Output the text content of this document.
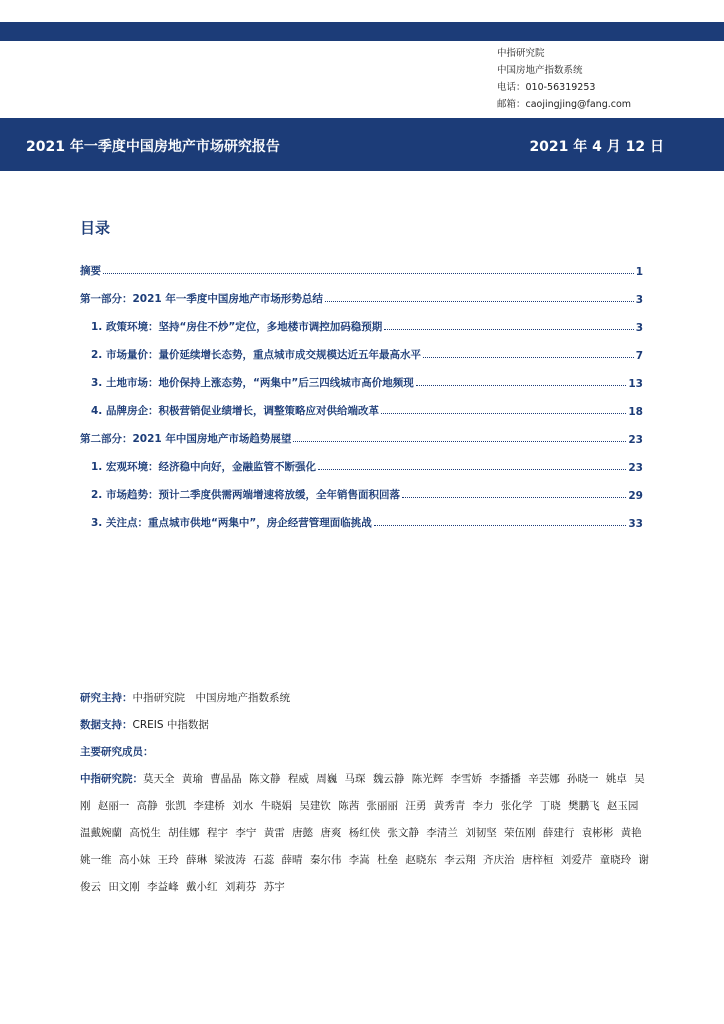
中指研究院
中国房地产指数系统
电话：010-56319253
邮箱：caojingjing@fang.com
2021 年一季度中国房地产市场研究报告	2021 年 4 月 12 日
目录
摘要	1
第一部分：2021 年一季度中国房地产市场形势总结	3
1. 政策环境：坚持“房住不炒”定位，多地楼市调控加码稳预期	3
2. 市场量价：量价延续增长态势，重点城市成交规模达近五年最高水平	7
3. 土地市场：地价保持上涨态势，“两集中”后三四线城市高价地频现	13
4. 品牌房企：积极营销促业绩增长，调整策略应对供给端改革	18
第二部分：2021 年中国房地产市场趋势展望	23
1. 宏观环境：经济稳中向好，金融监管不断强化	23
2. 市场趋势：预计二季度供需两端增速将放缓，全年销售面积回落	29
3. 关注点：重点城市供地“两集中”，房企经营管理面临挑战	33
研究主持：中指研究院　中国房地产指数系统
数据支持：CREIS 中指数据
主要研究成员：
中指研究院：莫天全 黄瑜 曹晶晶 陈文静 程威 周巍 马琛 魏云静 陈光辉 李雪娇 李播播 辛芸娜 孙晓一 姚卓 吴刚 赵丽一 高静 张凯 李建桥 刘水 牛晓娟 吴建钦 陈茜 张丽丽 汪勇 黄秀青 李力 张化学 丁晓 樊鹏飞 赵玉园 温戴婉蘭 高悦生 胡佳娜 程宇 李宁 黄雷 唐懿 唐爽 杨红侠 张文静 李清兰 刘韧坚 荣伍刚 薛建行 袁彬彬 黄艳 姚一维 高小妹 王玲 薛琳 梁波涛 石蕊 薛晴 秦尔伟 李嵩 杜垒 赵晓东 李云翔 齐庆治 唐梓桓 刘爱芹 童晓玲 谢俊云 田文刚 李益峰 戴小红 刘莉芬 苏宇
